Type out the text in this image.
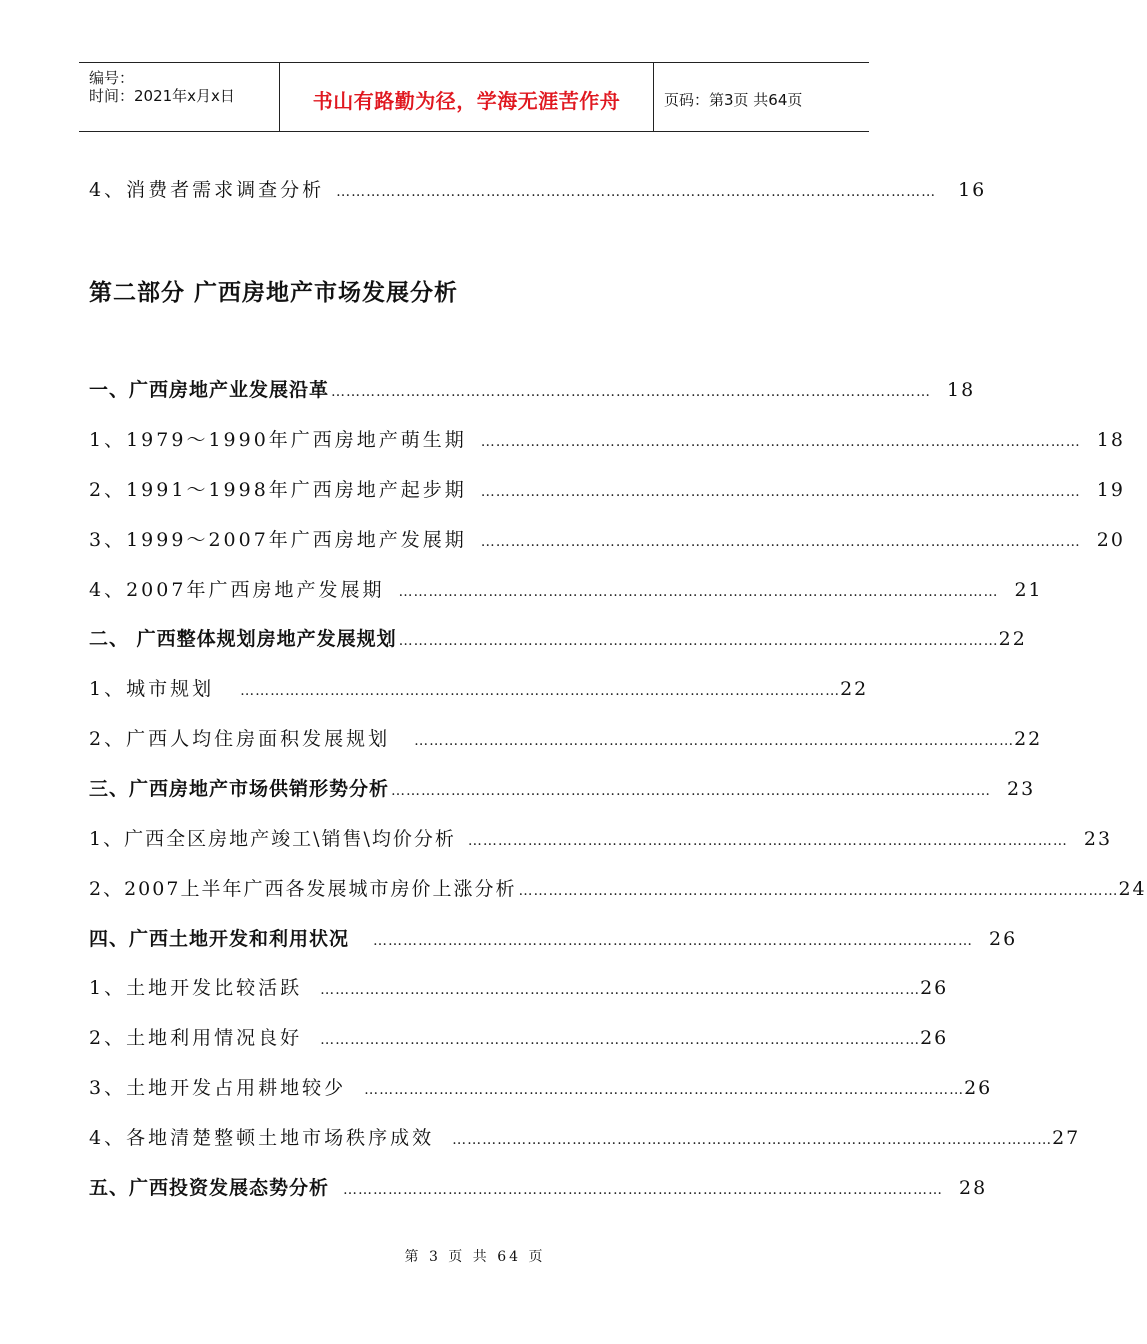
编号：
时间：2021年x月x日	书山有路勤为径，学海无涯苦作舟	页码：第3页 共64页
4、消费者需求调查分析 …………………………………………………………………………………………………………	16
第二部分 广西房地产市场发展分析
一、广西房地产业发展沿革 ………………………………………………………………………………………………………… 18
1、1979～1990年广西房地产萌生期	………………………………………………………………………………………………………… 18
2、1991～1998年广西房地产起步期	………………………………………………………………………………………………………… 19
3、1999～2007年广西房地产发展期	………………………………………………………………………………………………………… 20
4、2007年广西房地产发展期	………………………………………………………………………………………………………… 21
二、 广西整体规划房地产发展规划 ………………………………………………………………………………………………………… 22
1、城市规划	………………………………………………………………………………………………………… 22
2、广西人均住房面积发展规划	………………………………………………………………………………………………………… 22
三、广西房地产市场供销形势分析 ………………………………………………………………………………………………………… 23
1、广西全区房地产竣工\销售\均价分析 ………………………………………………………………………………………………………… 23
2、2007上半年广西各发展城市房价上涨分析 ………………………………………………………………………………………………………… 24
四、广西土地开发和利用状况	………………………………………………………………………………………………………… 26
1、土地开发比较活跃	………………………………………………………………………………………………………… 26
2、土地利用情况良好	………………………………………………………………………………………………………… 26
3、土地开发占用耕地较少	………………………………………………………………………………………………………… 26
4、各地清楚整顿土地市场秩序成效	………………………………………………………………………………………………………… 27
五、广西投资发展态势分析	………………………………………………………………………………………………………… 28
第 3 页 共 64 页
